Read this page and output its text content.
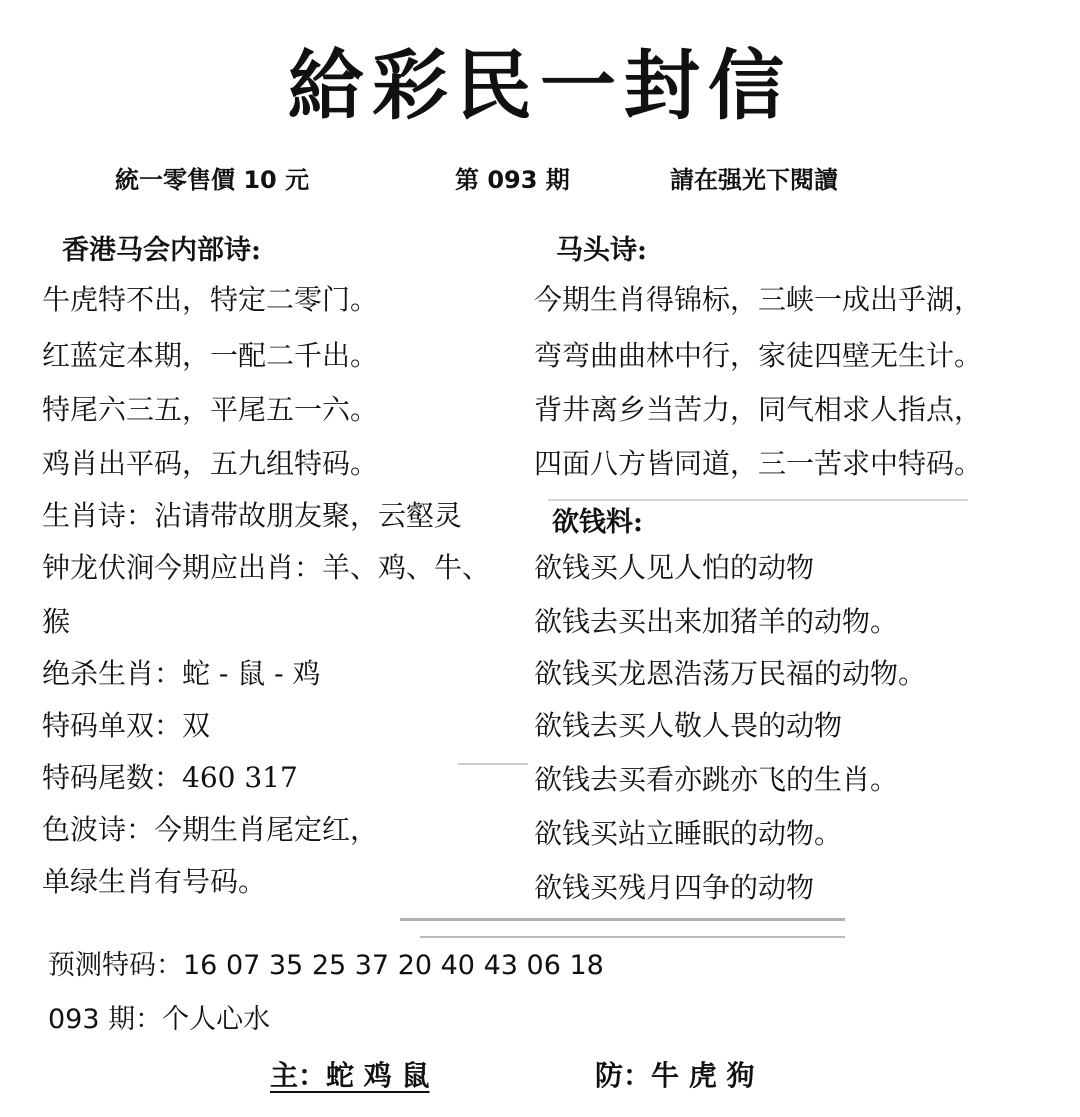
給彩民一封信
統一零售價 10 元	第 093 期	請在强光下閱讀
香港马会内部诗:
牛虎特不出，特定二零门。
红蓝定本期，一配二千出。
特尾六三五，平尾五一六。
鸡肖出平码，五九组特码。
生肖诗：沾请带故朋友聚，云壑灵
钟龙伏涧今期应出肖：羊、鸡、牛、
猴
绝杀生肖：蛇 - 鼠 - 鸡
特码单双：双
特码尾数：460 317
色波诗：今期生肖尾定红，
单绿生肖有号码。
马头诗:
今期生肖得锦标，三峡一成出乎湖，
弯弯曲曲林中行，家徒四壁无生计。
背井离乡当苦力，同气相求人指点，
四面八方皆同道，三一苦求中特码。
欲钱料:
欲钱买人见人怕的动物
欲钱去买出来加猪羊的动物。
欲钱买龙恩浩荡万民福的动物。
欲钱去买人敬人畏的动物
欲钱去买看亦跳亦飞的生肖。
欲钱买站立睡眠的动物。
欲钱买残月四争的动物
预测特码：16 07 35 25 37 20 40 43 06 18
093 期：个人心水
主：蛇 鸡 鼠	防：牛 虎 狗
